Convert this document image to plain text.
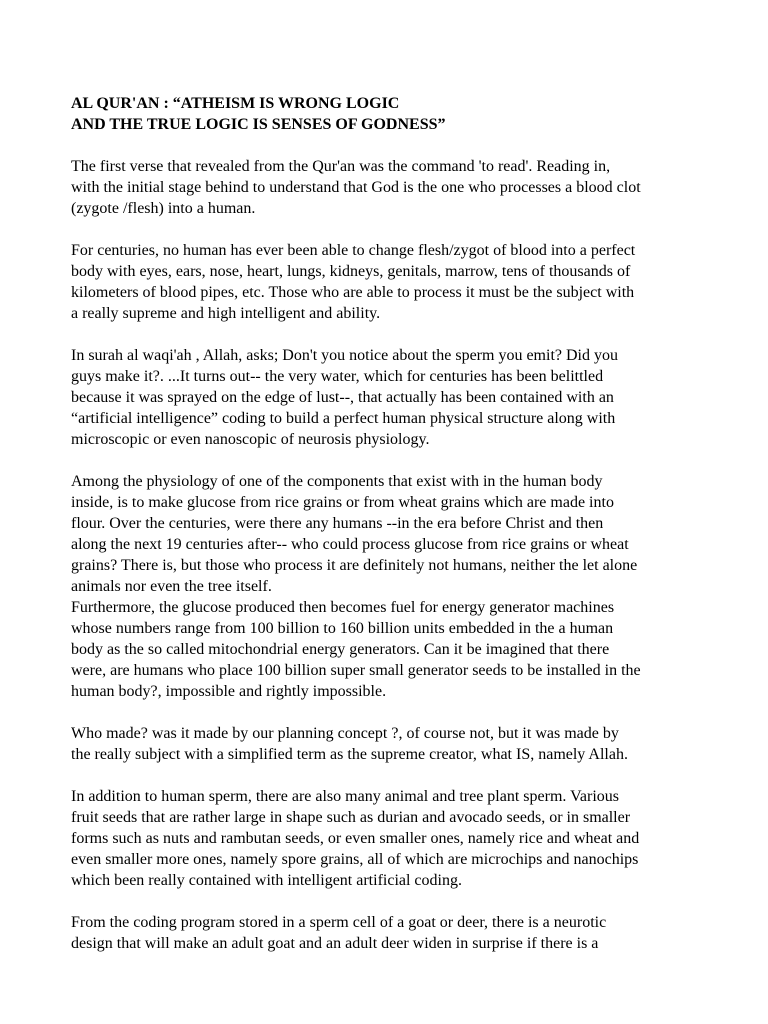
AL QUR'AN : “ATHEISM IS WRONG LOGIC
AND THE TRUE LOGIC IS SENSES OF GODNESS”
The first verse that revealed from the Qur'an was the command 'to read'. Reading in,
with the initial stage behind to understand that God is the one who processes a blood clot
(zygote /flesh) into a human.
For centuries, no human has ever been able to change flesh/zygot of blood into a perfect
body with eyes, ears, nose, heart, lungs, kidneys, genitals, marrow, tens of thousands of
kilometers of blood pipes, etc. Those who are able to process it must be the subject with
a really supreme and high intelligent and ability.
In surah al waqi'ah , Allah, asks; Don't you notice about the sperm you emit? Did you
guys make it?. ...It turns out-- the very water, which for centuries has been belittled
because it was sprayed on the edge of lust--, that actually has been contained with an
“artificial intelligence” coding to build a perfect human physical structure along with
microscopic or even nanoscopic of neurosis physiology.
Among the physiology of one of the components that exist with in the human body
inside, is to make glucose from rice grains or from wheat grains which are made into
flour. Over the centuries, were there any humans --in the era before Christ and then
along the next 19 centuries after-- who could process glucose from rice grains or wheat
grains? There is, but those who process it are definitely not humans, neither the let alone
animals nor even the tree itself.
Furthermore, the glucose produced then becomes fuel for energy generator machines
whose numbers range from 100 billion to 160 billion units embedded in the a human
body as the so called mitochondrial energy generators. Can it be imagined that there
were, are humans who place 100 billion super small generator seeds to be installed in the
human body?, impossible and rightly impossible.
Who made? was it made by our planning concept ?, of course not, but it was made by
the really subject with a simplified term as the supreme creator, what IS, namely Allah.
In addition to human sperm, there are also many animal and tree plant sperm. Various
fruit seeds that are rather large in shape such as durian and avocado seeds, or in smaller
forms such as nuts and rambutan seeds, or even smaller ones, namely rice and wheat and
even smaller more ones, namely spore grains, all of which are microchips and nanochips
which been really contained with intelligent artificial coding.
From the coding program stored in a sperm cell of a goat or deer, there is a neurotic
design that will make an adult goat and an adult deer widen in surprise if there is a
